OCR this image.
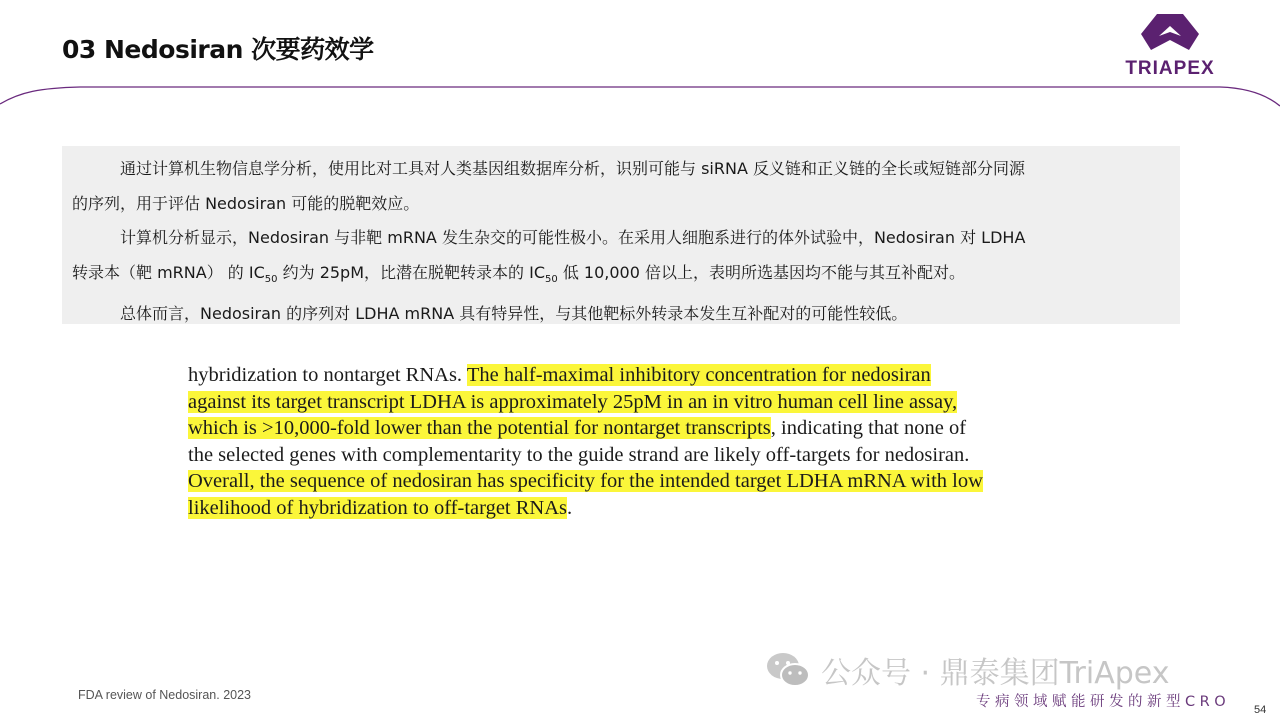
03 Nedosiran 次要药效学
TRIAPEX

通过计算机生物信息学分析，使用比对工具对人类基因组数据库分析，识别可能与 siRNA 反义链和正义链的全长或短链部分同源

的序列，用于评估 Nedosiran 可能的脱靶效应。

计算机分析显示，Nedosiran 与非靶 mRNA 发生杂交的可能性极小。在采用人细胞系进行的体外试验中，Nedosiran 对 LDHA

转录本（靶 mRNA） 的 $IC_{50}$ 约为 25pM，比潜在脱靶转录本的 $IC_{50}$ 低 10,000 倍以上，表明所选基因均不能与其互补配对。

总体而言，Nedosiran 的序列对 LDHA mRNA 具有特异性，与其他靶标外转录本发生互补配对的可能性较低。

hybridization to nontarget RNAs. The half-maximal inhibitory concentration for nedosiran

against its target transcript LDHA is approximately 25pM in an in vitro human cell line assay,

which is >10,000-fold lower than the potential for nontarget transcripts, indicating that none of

the selected genes with complementarity to the guide strand are likely off-targets for nedosiran.

Overall, the sequence of nedosiran has specificity for the intended target LDHA mRNA with low

likelihood of hybridization to off-target RNAs.

FDA review of Nedosiran. 2023
公众号 · 鼎泰集团TriApex
专病领域赋能研发的新型CRO 54
